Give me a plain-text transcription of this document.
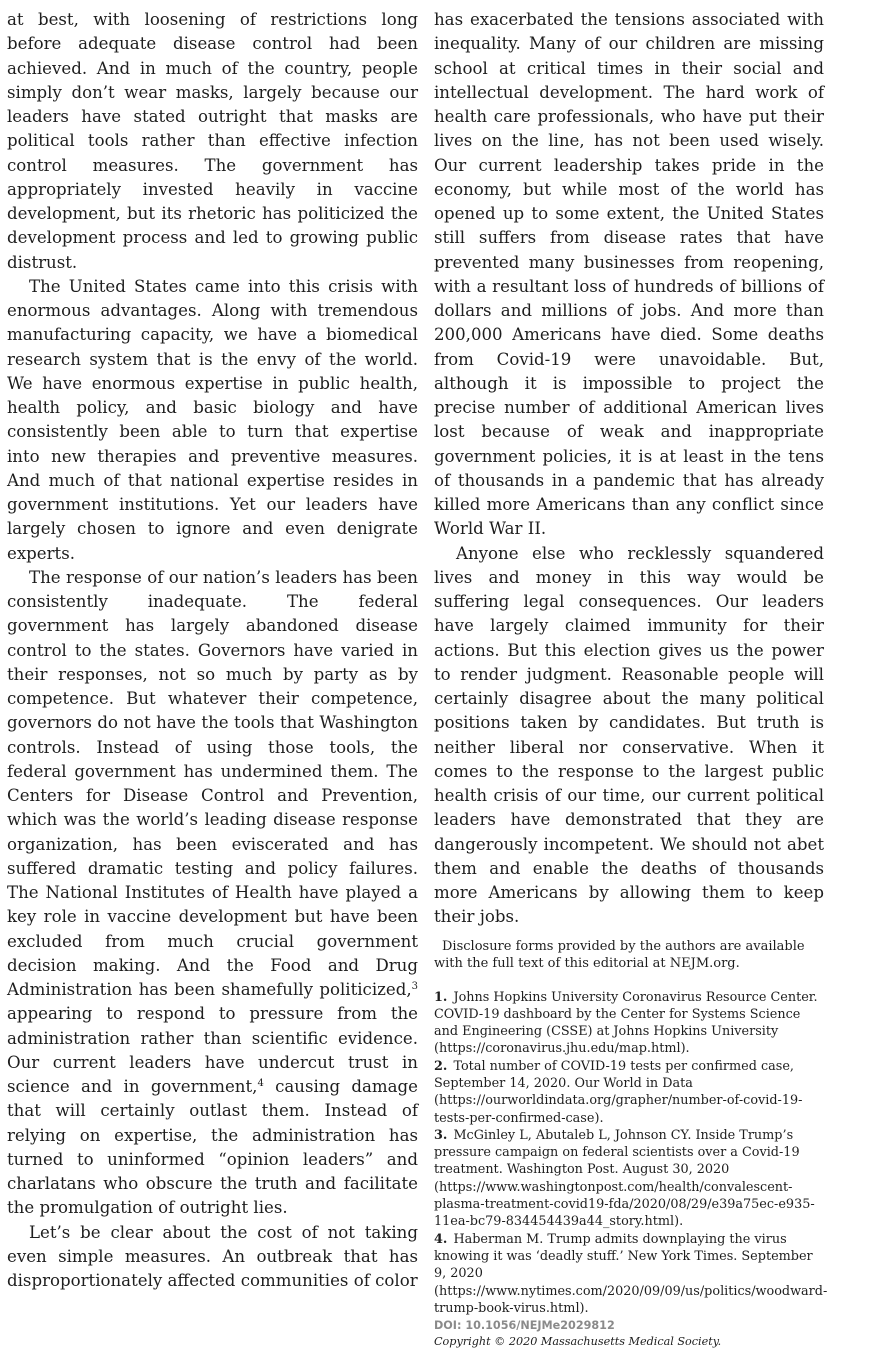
at best, with loosening of restrictions long before adequate disease control had been achieved. And in much of the country, people simply don’t wear masks, largely because our leaders have stated outright that masks are political tools rather than effective infection control measures. The government has appropriately invested heavily in vaccine development, but its rhetoric has politicized the development process and led to growing public distrust.

The United States came into this crisis with enormous advantages. Along with tremendous manufacturing capacity, we have a biomedical research system that is the envy of the world. We have enormous expertise in public health, health policy, and basic biology and have consistently been able to turn that expertise into new therapies and preventive measures. And much of that national expertise resides in government institutions. Yet our leaders have largely chosen to ignore and even denigrate experts.

The response of our nation’s leaders has been consistently inadequate. The federal government has largely abandoned disease control to the states. Governors have varied in their responses, not so much by party as by competence. But whatever their competence, governors do not have the tools that Washington controls. Instead of using those tools, the federal government has undermined them. The Centers for Disease Control and Prevention, which was the world’s leading disease response organization, has been eviscerated and has suffered dramatic testing and policy failures. The National Institutes of Health have played a key role in vaccine development but have been excluded from much crucial government decision making. And the Food and Drug Administration has been shamefully politicized,$^3$ appearing to respond to pressure from the administration rather than scientific evidence. Our current leaders have undercut trust in science and in government,$^4$ causing damage that will certainly outlast them. Instead of relying on expertise, the administration has turned to uninformed “opinion leaders” and charlatans who obscure the truth and facilitate the promulgation of outright lies.

Let’s be clear about the cost of not taking even simple measures. An outbreak that has disproportionately affected communities of color

has exacerbated the tensions associated with inequality. Many of our children are missing school at critical times in their social and intellectual development. The hard work of health care professionals, who have put their lives on the line, has not been used wisely. Our current leadership takes pride in the economy, but while most of the world has opened up to some extent, the United States still suffers from disease rates that have prevented many businesses from reopening, with a resultant loss of hundreds of billions of dollars and millions of jobs. And more than 200,000 Americans have died. Some deaths from Covid-19 were unavoidable. But, although it is impossible to project the precise number of additional American lives lost because of weak and inappropriate government policies, it is at least in the tens of thousands in a pandemic that has already killed more Americans than any conflict since World War II.

Anyone else who recklessly squandered lives and money in this way would be suffering legal consequences. Our leaders have largely claimed immunity for their actions. But this election gives us the power to render judgment. Reasonable people will certainly disagree about the many political positions taken by candidates. But truth is neither liberal nor conservative. When it comes to the response to the largest public health crisis of our time, our current political leaders have demonstrated that they are dangerously incompetent. We should not abet them and enable the deaths of thousands more Americans by allowing them to keep their jobs.

Disclosure forms provided by the authors are available with the full text of this editorial at NEJM.org.
1. Johns Hopkins University Coronavirus Resource Center. COVID-19 dashboard by the Center for Systems Science and Engineering (CSSE) at Johns Hopkins University (https://coronavirus.jhu.edu/map.html).
2. Total number of COVID-19 tests per confirmed case, September 14, 2020. Our World in Data (https://ourworldindata.org/grapher/number-of-covid-19-tests-per-confirmed-case).
3. McGinley L, Abutaleb L, Johnson CY. Inside Trump’s pressure campaign on federal scientists over a Covid-19 treatment. Washington Post. August 30, 2020 (https://www.washingtonpost.com/health/convalescent-plasma-treatment-covid19-fda/2020/08/29/e39a75ec-e935-11ea-bc79-834454439a44_story.html).
4. Haberman M. Trump admits downplaying the virus knowing it was ‘deadly stuff.’ New York Times. September 9, 2020 (https://www.nytimes.com/2020/09/09/us/politics/woodward-trump-book-virus.html).
DOI: 10.1056/NEJMe2029812
Copyright © 2020 Massachusetts Medical Society.
